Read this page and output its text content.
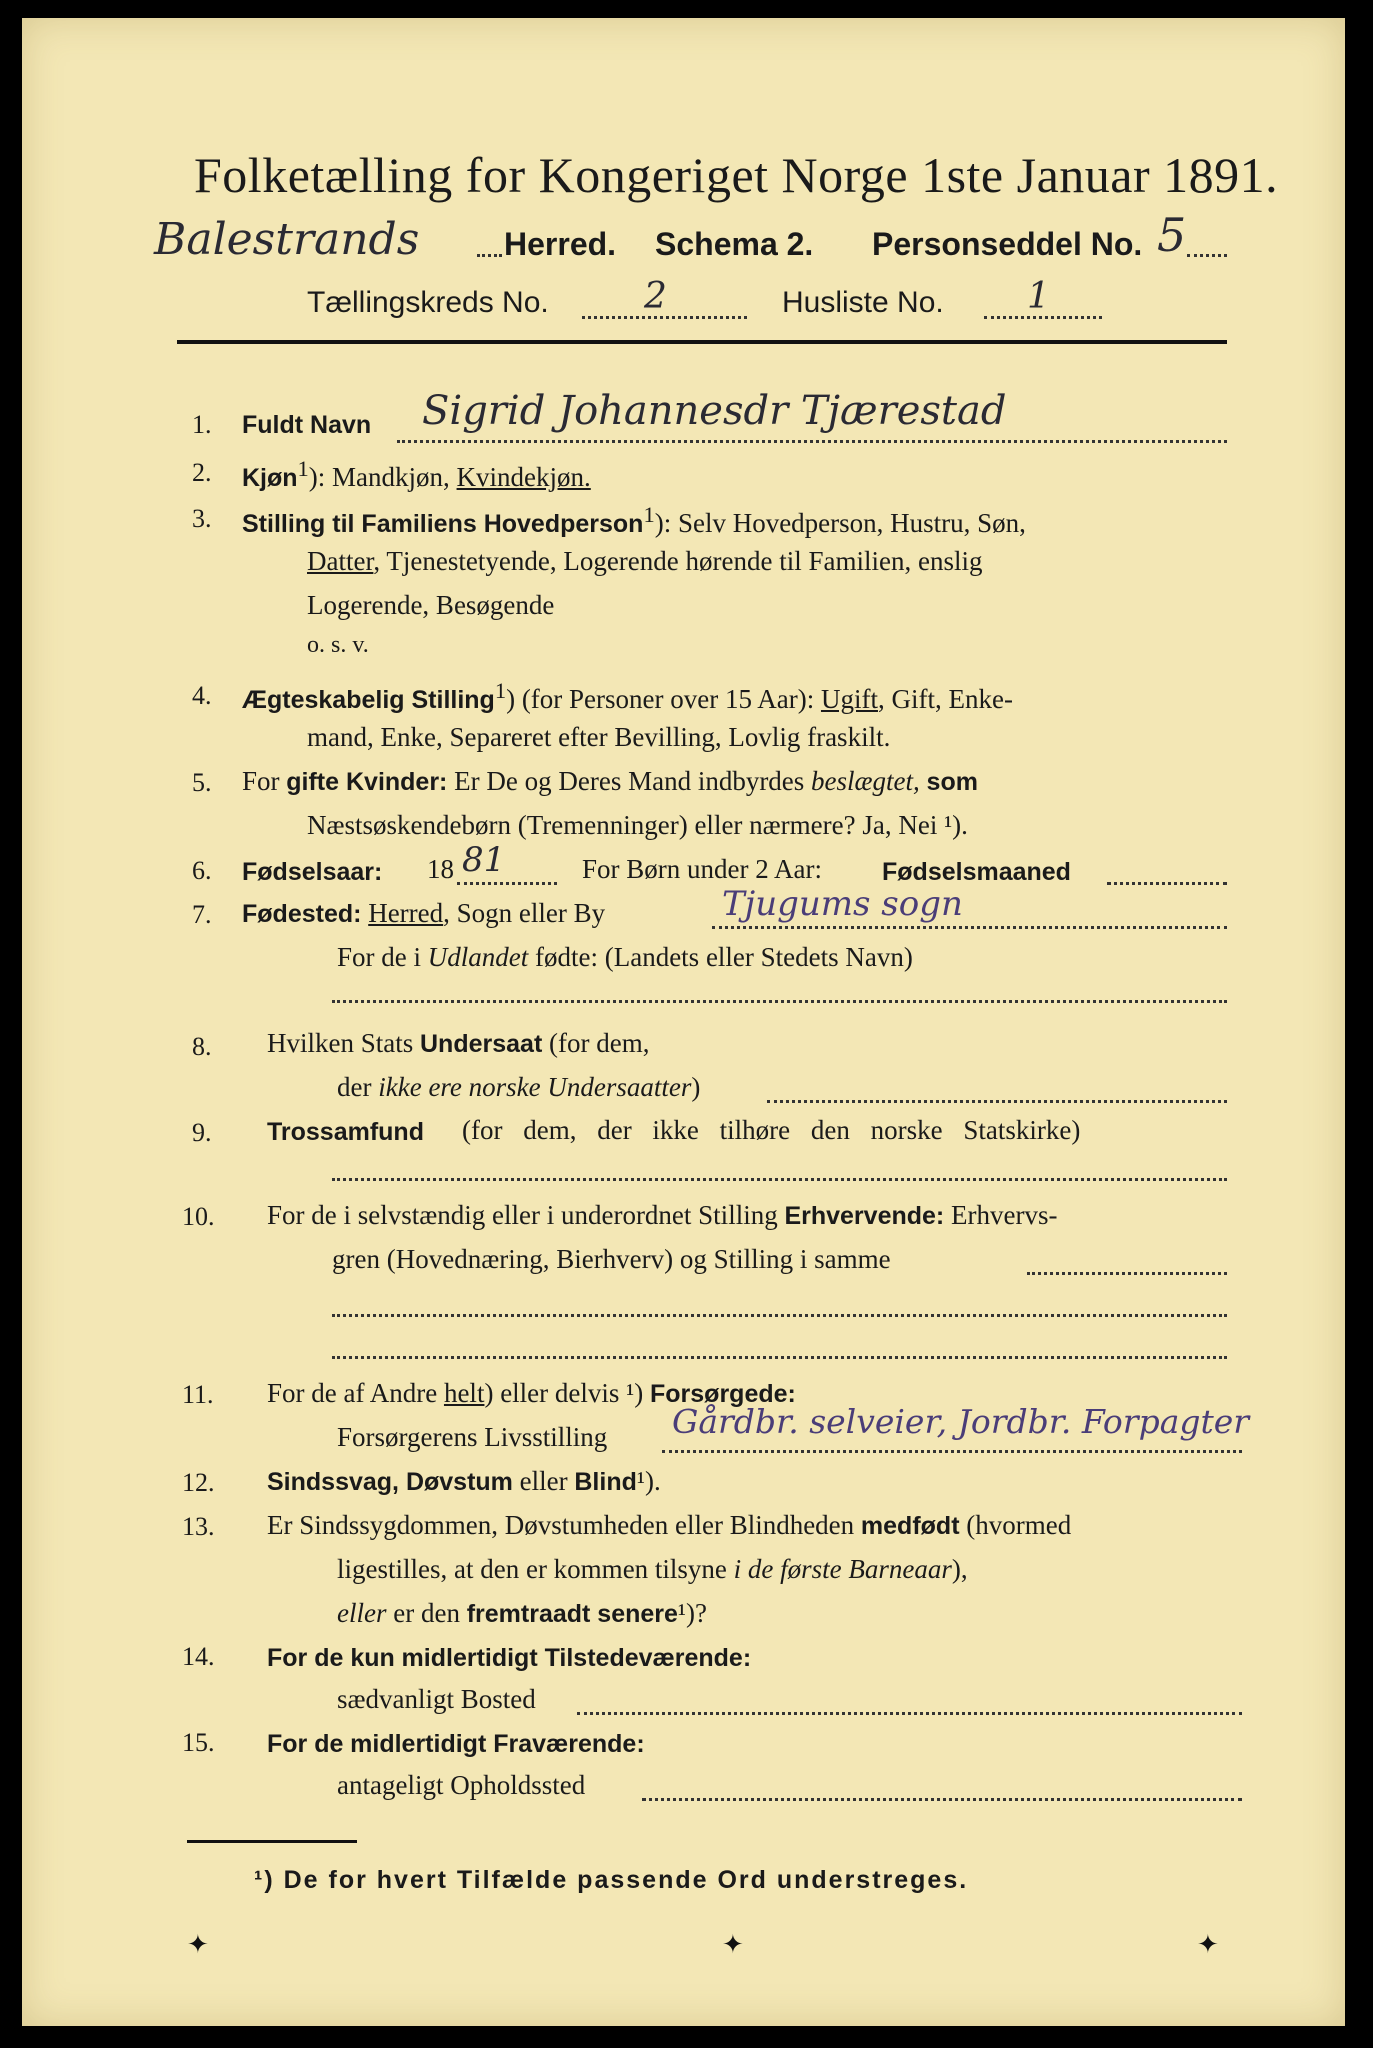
Folketælling for Kongeriget Norge 1ste Januar 1891.
Balestrands	Herred. Schema 2. Personseddel No. 5
Tællingskreds No.	2	Husliste No. 1
1. Fuldt Navn Sigrid Johannesdr Tjærestad
2. Kjøn$^1$): Mandkjøn, Kvindekjøn.
3. Stilling til Familiens Hovedperson$^1$): Selv Hovedperson, Hustru, Søn,
Datter, Tjenestetyende, Logerende hørende til Familien, enslig
Logerende, Besøgende
o. s. v.
4. Ægteskabelig Stilling$^1$) (for Personer over 15 Aar): Ugift, Gift, Enke-
mand, Enke, Separeret efter Bevilling, Lovlig fraskilt.
5. For gifte Kvinder: Er De og Deres Mand indbyrdes beslægtet, som
Næstsøskendebørn (Tremenninger) eller nærmere? Ja, Nei ¹).
6. Fødselsaar: 18 81	For Børn under 2 Aar: Fødselsmaaned
7. Fødested: Herred, Sogn eller By	Tjugums sogn
For de i Udlandet fødte: (Landets eller Stedets Navn)
8. Hvilken Stats Undersaat (for dem,
der ikke ere norske Undersaatter)
9. Trossamfund (for dem, der ikke tilhøre den norske Statskirke)
10. For de i selvstændig eller i underordnet Stilling Erhvervende: Erhvervs-
gren (Hovednæring, Bierhverv) og Stilling i samme
11. For de af Andre helt) eller delvis ¹) Forsørgede:
Forsørgerens Livsstilling Gårdbr. selveier, Jordbr. Forpagter
12. Sindssvag, Døvstum eller Blind¹).
13. Er Sindssygdommen, Døvstumheden eller Blindheden medfødt (hvormed
ligestilles, at den er kommen tilsyne i de første Barneaar),
eller er den fremtraadt senere¹)?
14. For de kun midlertidigt Tilstedeværende:
sædvanligt Bosted
15. For de midlertidigt Fraværende:
antageligt Opholdssted
¹) De for hvert Tilfælde passende Ord understreges.
✦	✦	✦
